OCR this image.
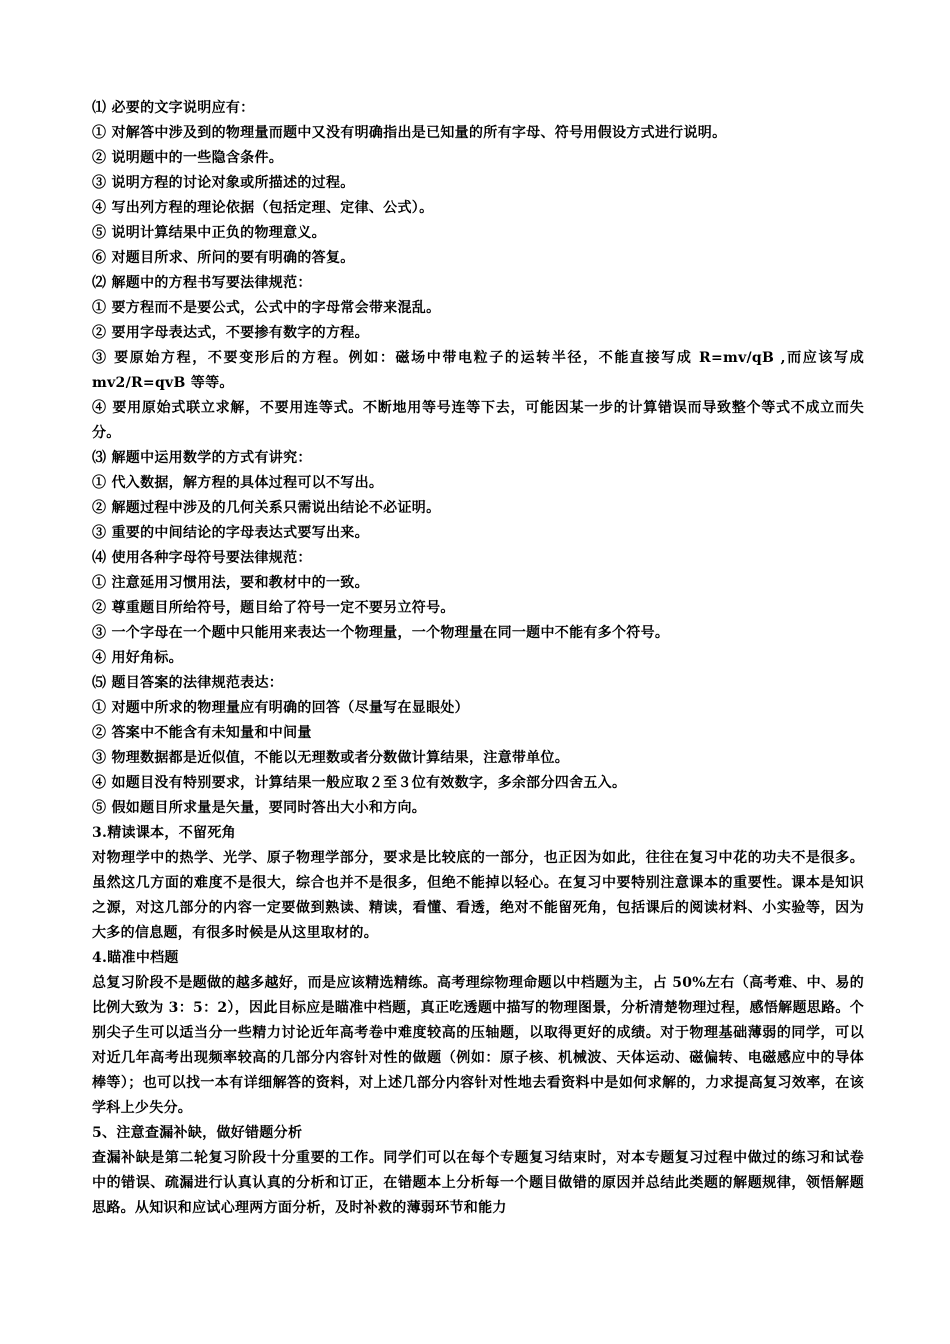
⑴ 必要的文字说明应有：

① 对解答中涉及到的物理量而题中又没有明确指出是已知量的所有字母、符号用假设方式进行说明。

② 说明题中的一些隐含条件。

③ 说明方程的讨论对象或所描述的过程。

④ 写出列方程的理论依据（包括定理、定律、公式）。

⑤ 说明计算结果中正负的物理意义。

⑥ 对题目所求、所问的要有明确的答复。

⑵ 解题中的方程书写要法律规范：

① 要方程而不是要公式，公式中的字母常会带来混乱。

② 要用字母表达式，不要掺有数字的方程。

③ 要原始方程，不要变形后的方程。例如：磁场中带电粒子的运转半径，不能直接写成 R=mv/qB ,而应该写成 mv2/R=qvB 等等。

④ 要用原始式联立求解，不要用连等式。不断地用等号连等下去，可能因某一步的计算错误而导致整个等式不成立而失分。

⑶ 解题中运用数学的方式有讲究：

① 代入数据，解方程的具体过程可以不写出。

② 解题过程中涉及的几何关系只需说出结论不必证明。

③ 重要的中间结论的字母表达式要写出来。

⑷ 使用各种字母符号要法律规范：

① 注意延用习惯用法，要和教材中的一致。

② 尊重题目所给符号，题目给了符号一定不要另立符号。

③ 一个字母在一个题中只能用来表达一个物理量，一个物理量在同一题中不能有多个符号。

④ 用好角标。

⑸ 题目答案的法律规范表达：

① 对题中所求的物理量应有明确的回答（尽量写在显眼处）

② 答案中不能含有未知量和中间量

③ 物理数据都是近似值，不能以无理数或者分数做计算结果，注意带单位。

④ 如题目没有特别要求，计算结果一般应取２至３位有效数字，多余部分四舍五入。

⑤ 假如题目所求量是矢量，要同时答出大小和方向。

3.精读课本，不留死角

对物理学中的热学、光学、原子物理学部分，要求是比较底的一部分，也正因为如此，往往在复习中花的功夫不是很多。虽然这几方面的难度不是很大，综合也并不是很多，但绝不能掉以轻心。在复习中要特别注意课本的重要性。课本是知识之源，对这几部分的内容一定要做到熟读、精读，看懂、看透，绝对不能留死角，包括课后的阅读材料、小实验等，因为大多的信息题，有很多时候是从这里取材的。

4.瞄准中档题

总复习阶段不是题做的越多越好，而是应该精选精练。高考理综物理命题以中档题为主，占 50%左右（高考难、中、易的比例大致为 3：5：2），因此目标应是瞄准中档题，真正吃透题中描写的物理图景，分析清楚物理过程，感悟解题思路。个别尖子生可以适当分一些精力讨论近年高考卷中难度较高的压轴题，以取得更好的成绩。对于物理基础薄弱的同学，可以对近几年高考出现频率较高的几部分内容针对性的做题（例如：原子核、机械波、天体运动、磁偏转、电磁感应中的导体棒等）；也可以找一本有详细解答的资料，对上述几部分内容针对性地去看资料中是如何求解的，力求提高复习效率，在该学科上少失分。

5、注意查漏补缺，做好错题分析

查漏补缺是第二轮复习阶段十分重要的工作。同学们可以在每个专题复习结束时，对本专题复习过程中做过的练习和试卷中的错误、疏漏进行认真认真的分析和订正，在错题本上分析每一个题目做错的原因并总结此类题的解题规律，领悟解题思路。从知识和应试心理两方面分析，及时补救的薄弱环节和能力
